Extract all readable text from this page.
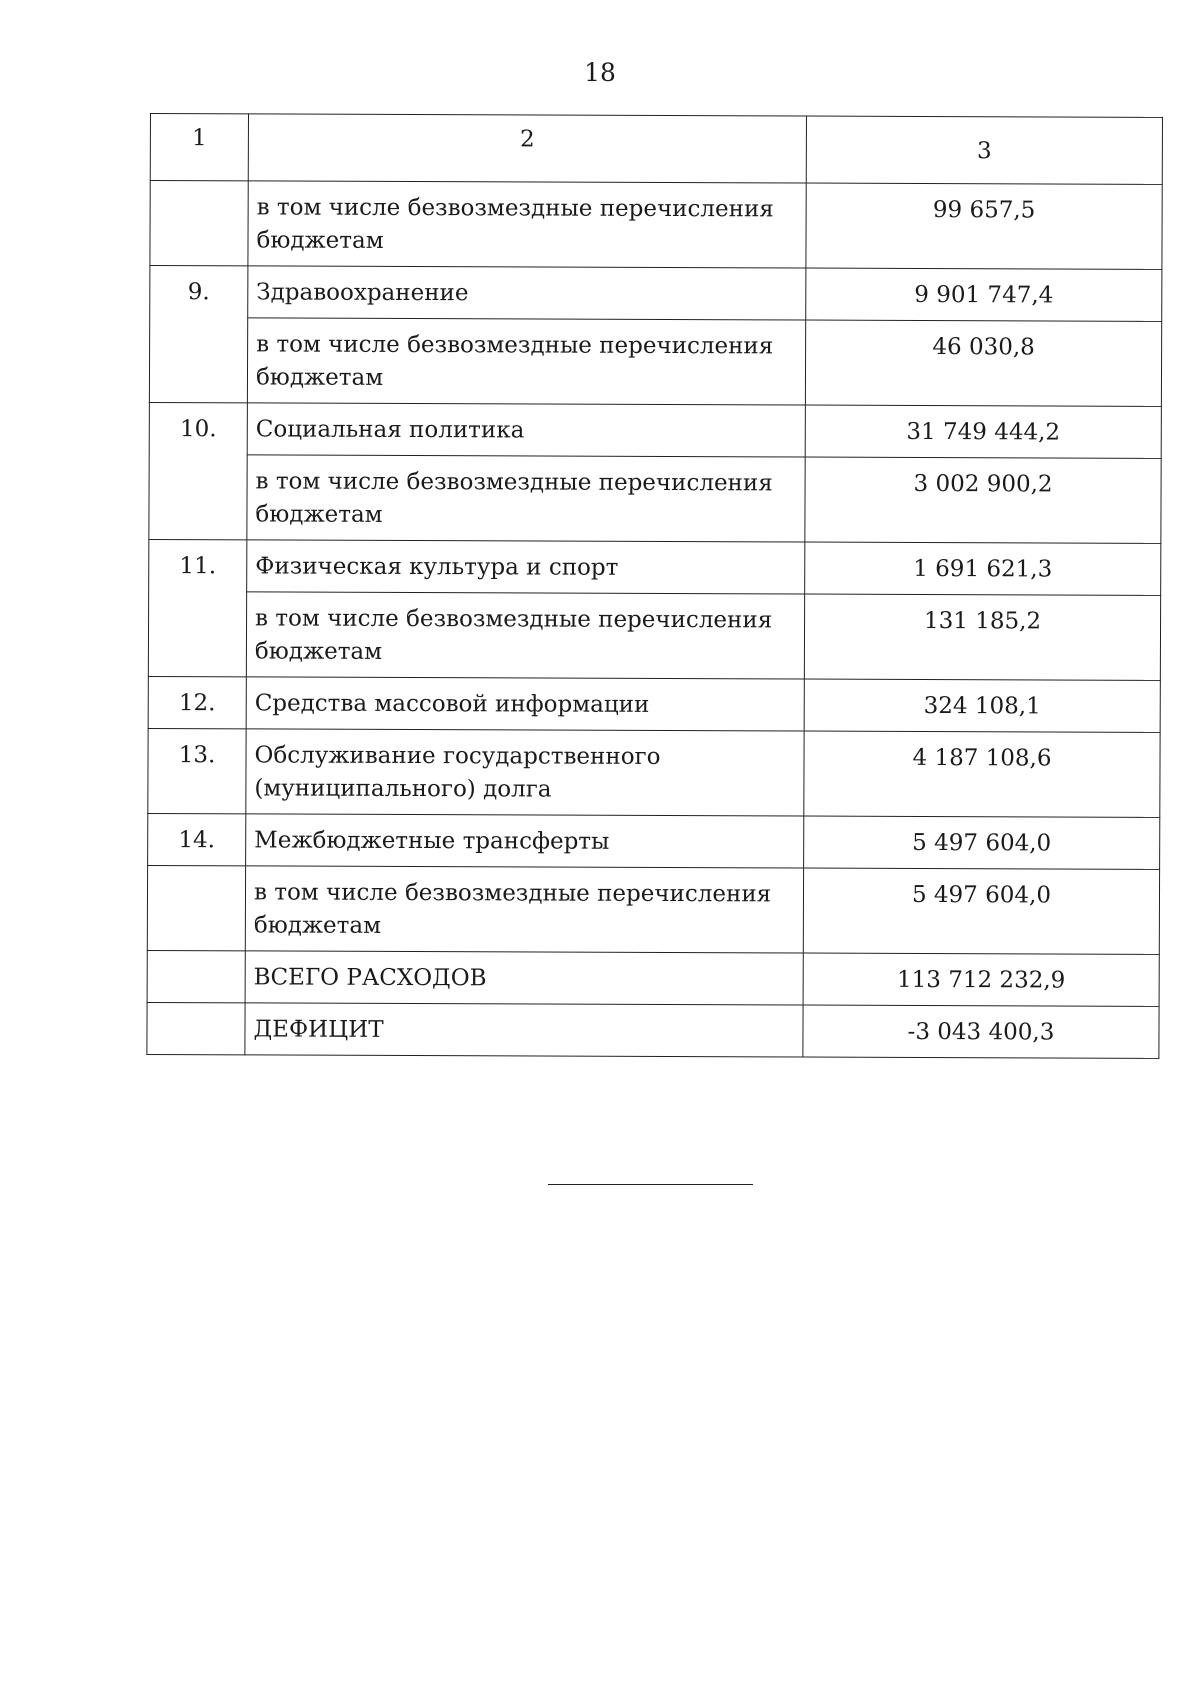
18
1	2	3
	в том числе безвозмездные перечисления бюджетам	99 657,5
9.	Здравоохранение	9 901 747,4
	в том числе безвозмездные перечисления бюджетам	46 030,8
10.	Социальная политика	31 749 444,2
	в том числе безвозмездные перечисления бюджетам	3 002 900,2
11.	Физическая культура и спорт	1 691 621,3
	в том числе безвозмездные перечисления бюджетам	131 185,2
12.	Средства массовой информации	324 108,1
13.	Обслуживание государственного (муниципального) долга	4 187 108,6
14.	Межбюджетные трансферты	5 497 604,0
	в том числе безвозмездные перечисления бюджетам	5 497 604,0
	ВСЕГО РАСХОДОВ	113 712 232,9
	ДЕФИЦИТ	-3 043 400,3
